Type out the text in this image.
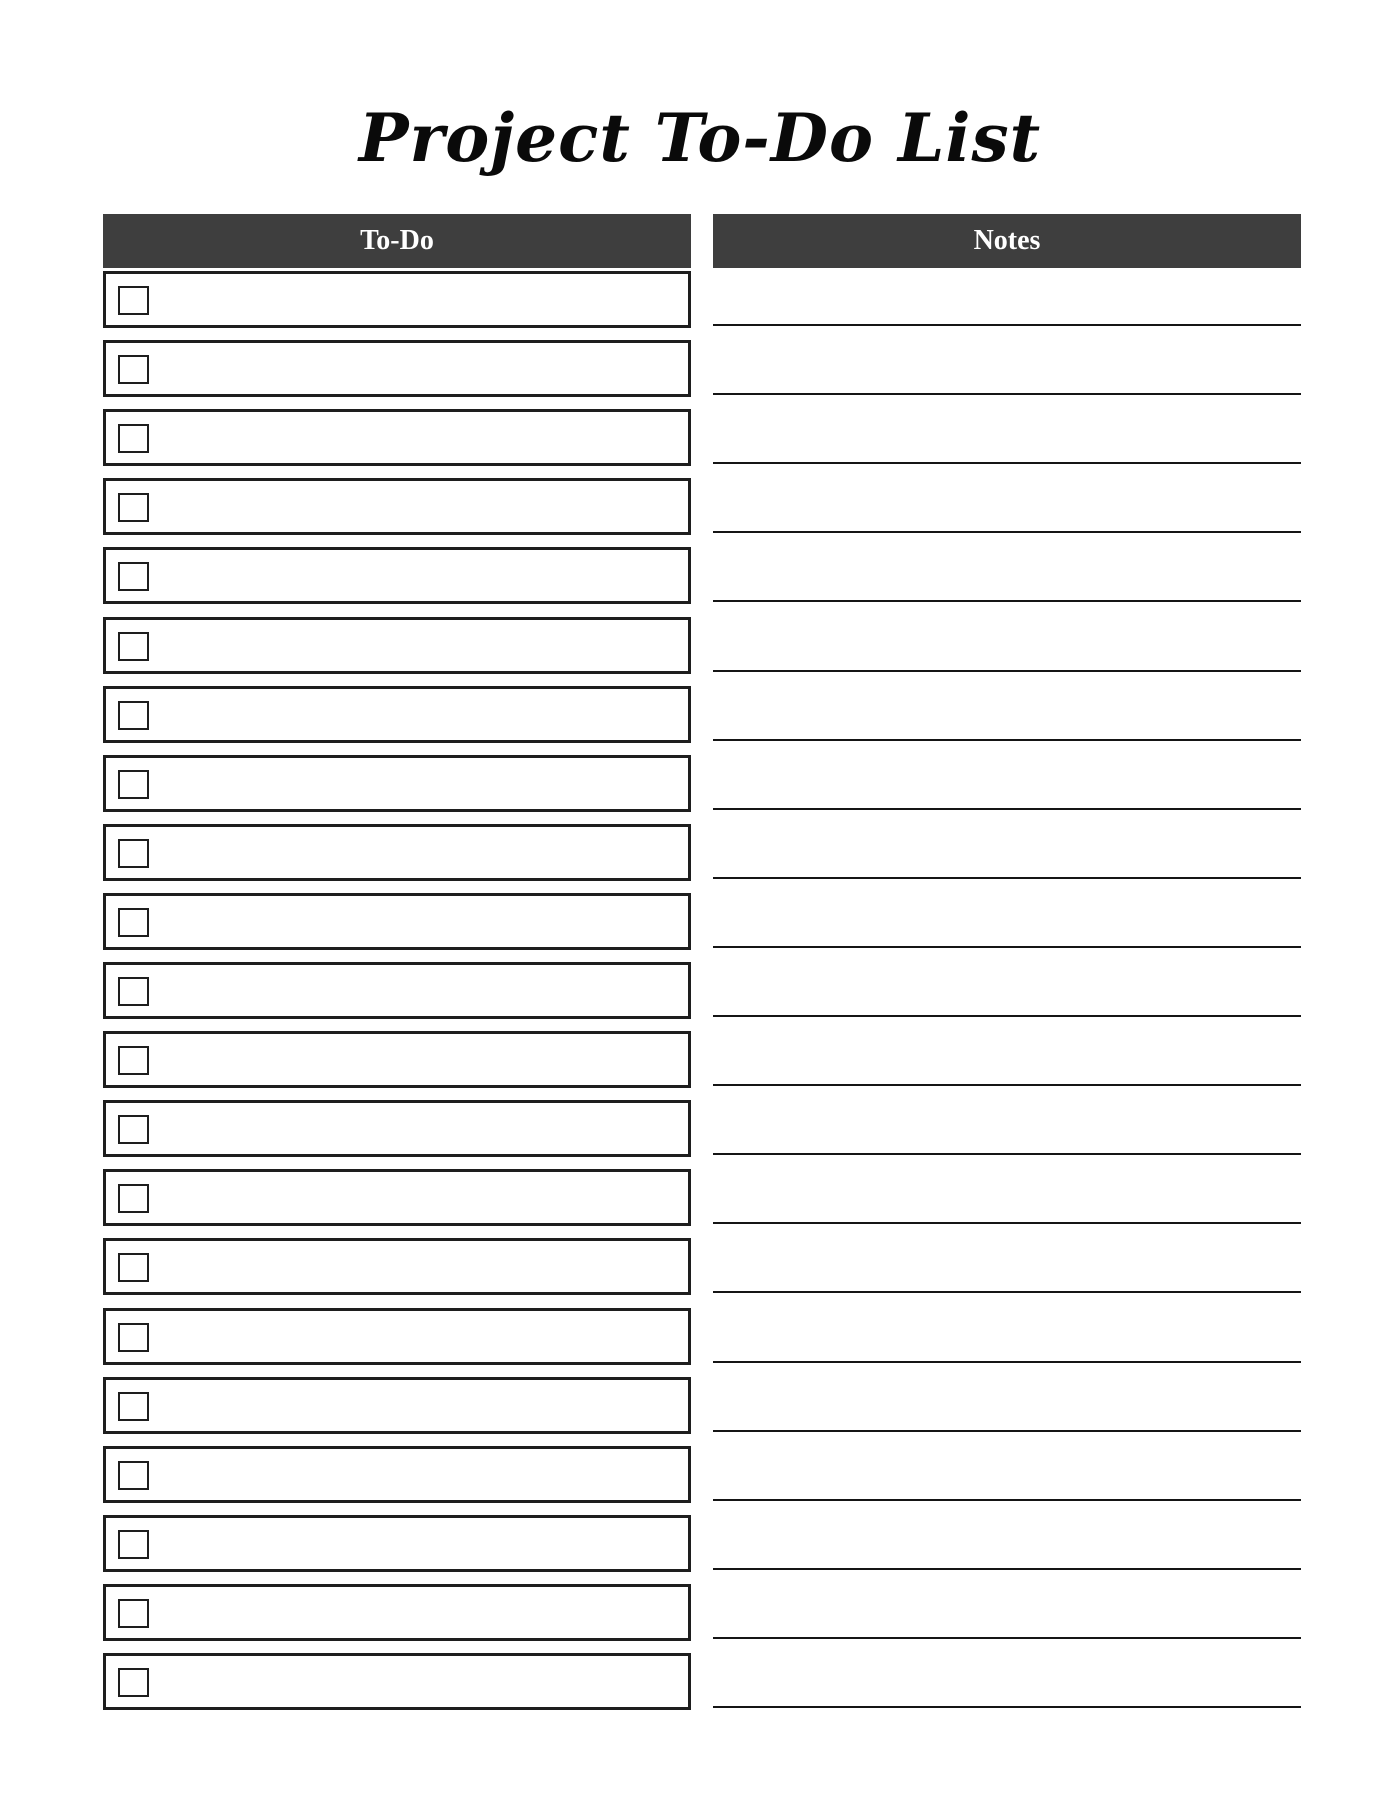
Project To-Do List
To-Do	Notes
